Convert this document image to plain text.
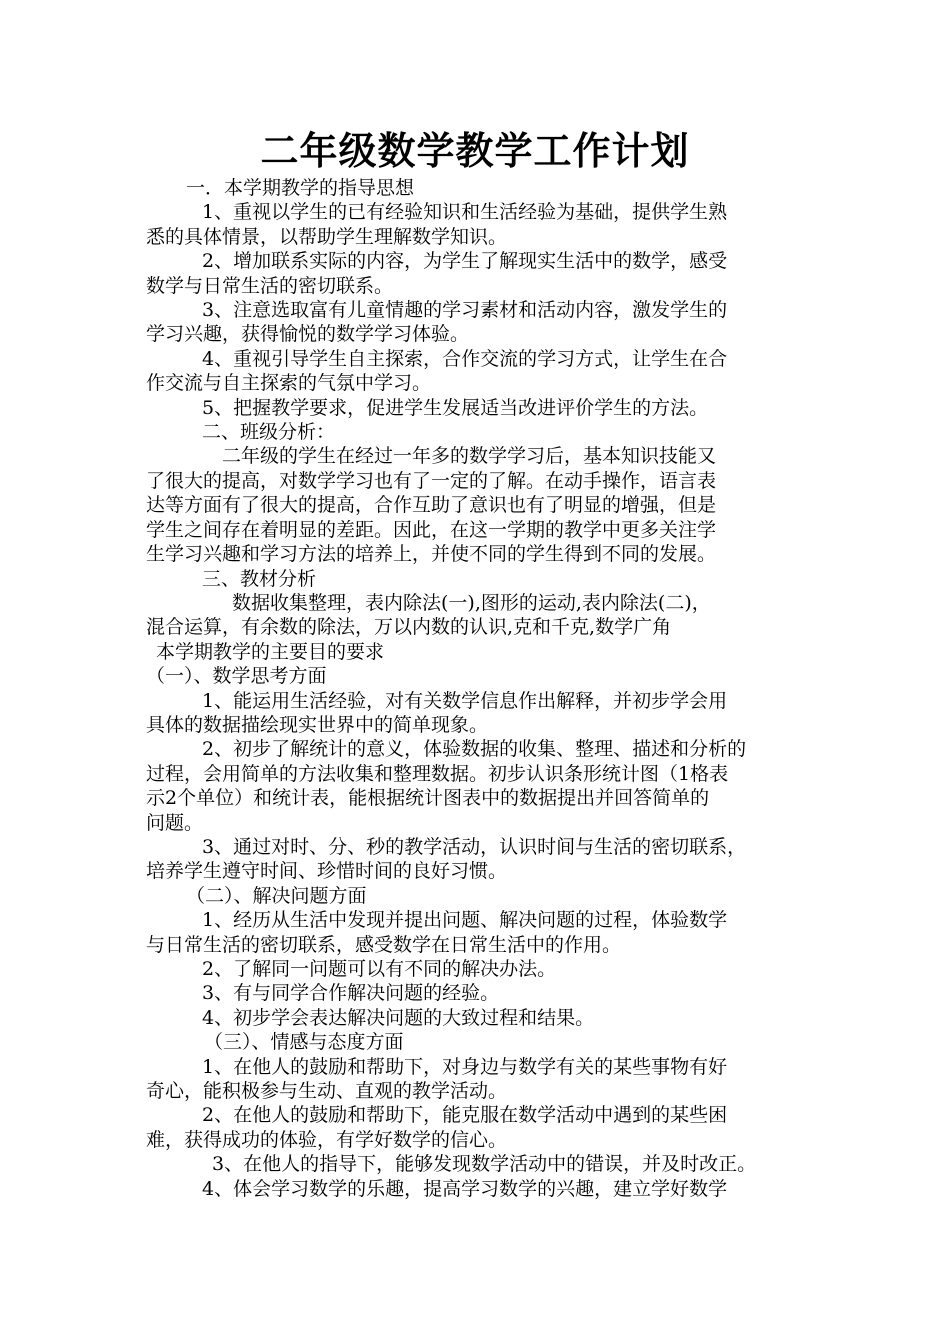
二年级数学教学工作计划

一．本学期教学的指导思想

1、重视以学生的已有经验知识和生活经验为基础，提供学生熟

悉的具体情景，以帮助学生理解数学知识。

2、增加联系实际的内容，为学生了解现实生活中的数学，感受

数学与日常生活的密切联系。

3、注意选取富有儿童情趣的学习素材和活动内容，激发学生的

学习兴趣，获得愉悦的数学学习体验。

4、重视引导学生自主探索，合作交流的学习方式，让学生在合

作交流与自主探索的气氛中学习。

5、把握教学要求，促进学生发展适当改进评价学生的方法。

二、班级分析：

二年级的学生在经过一年多的数学学习后，基本知识技能又

了很大的提高，对数学学习也有了一定的了解。在动手操作，语言表

达等方面有了很大的提高，合作互助了意识也有了明显的增强，但是

学生之间存在着明显的差距。因此，在这一学期的教学中更多关注学

生学习兴趣和学习方法的培养上，并使不同的学生得到不同的发展。

三、教材分析

数据收集整理，表内除法(一),图形的运动,表内除法(二)，

混合运算，有余数的除法，万以内数的认识,克和千克,数学广角

本学期教学的主要目的要求

（一）、数学思考方面

1、能运用生活经验，对有关数学信息作出解释，并初步学会用

具体的数据描绘现实世界中的简单现象。

2、初步了解统计的意义，体验数据的收集、整理、描述和分析的

过程，会用简单的方法收集和整理数据。初步认识条形统计图（1格表

示2个单位）和统计表，能根据统计图表中的数据提出并回答简单的

问题。

3、通过对时、分、秒的教学活动，认识时间与生活的密切联系，

培养学生遵守时间、珍惜时间的良好习惯。

（二）、解决问题方面

1、经历从生活中发现并提出问题、解决问题的过程，体验数学

与日常生活的密切联系，感受数学在日常生活中的作用。

2、了解同一问题可以有不同的解决办法。

3、有与同学合作解决问题的经验。

4、初步学会表达解决问题的大致过程和结果。

（三）、情感与态度方面

1、在他人的鼓励和帮助下，对身边与数学有关的某些事物有好

奇心，能积极参与生动、直观的教学活动。

2、在他人的鼓励和帮助下，能克服在数学活动中遇到的某些困

难，获得成功的体验，有学好数学的信心。

3、在他人的指导下，能够发现数学活动中的错误，并及时改正。

4、体会学习数学的乐趣，提高学习数学的兴趣，建立学好数学
